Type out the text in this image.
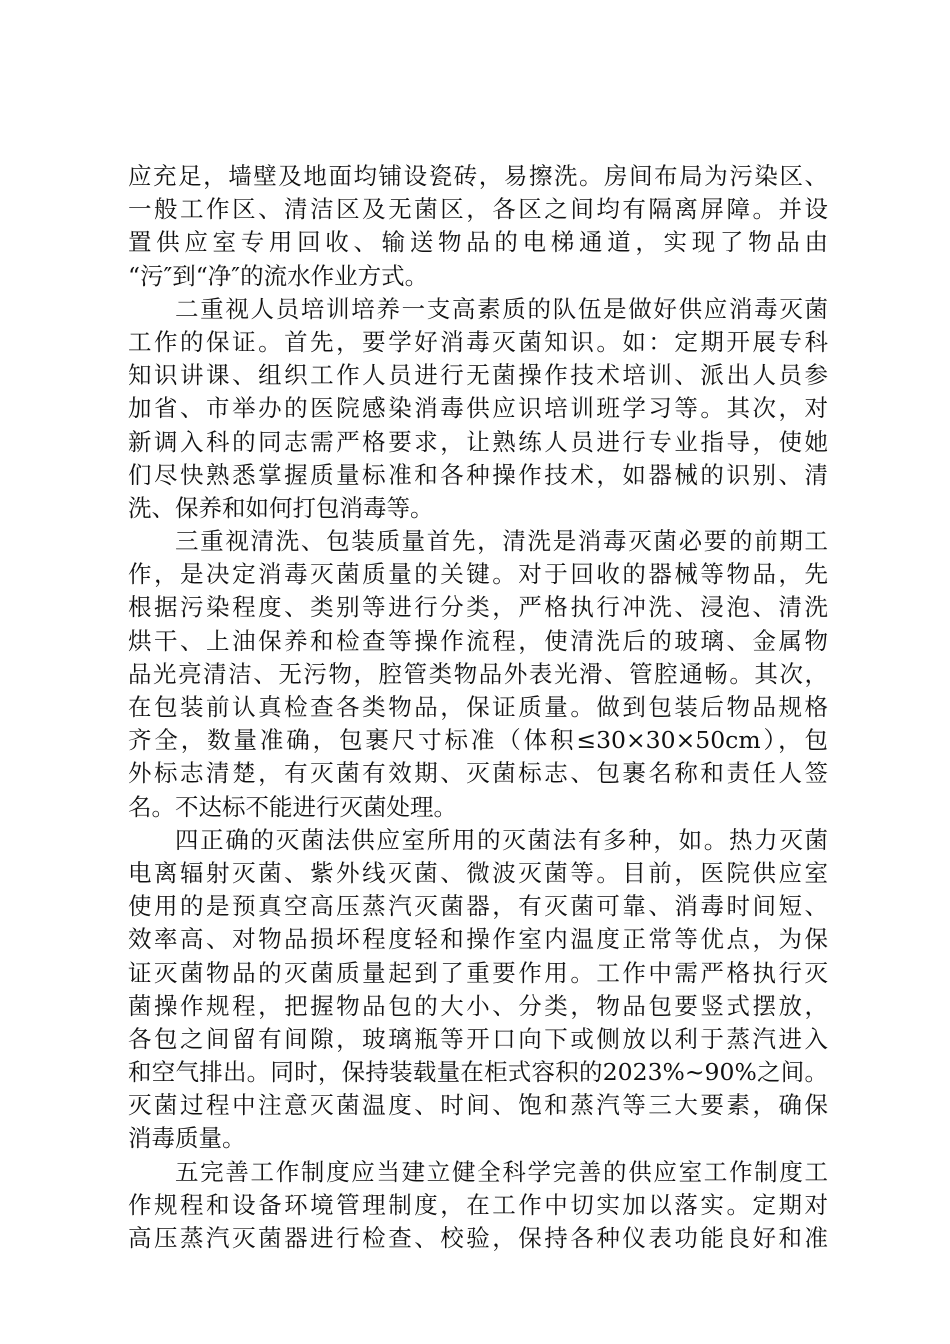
应充足，墙壁及地面均铺设瓷砖，易擦洗。房间布局为污染区、
一般工作区、清洁区及无菌区，各区之间均有隔离屏障。并设
置供应室专用回收、输送物品的电梯通道，实现了物品由
“污″到“净″的流水作业方式。
二重视人员培训培养一支高素质的队伍是做好供应消毒灭菌
工作的保证。首先，要学好消毒灭菌知识。如：定期开展专科
知识讲课、组织工作人员进行无菌操作技术培训、派出人员参
加省、市举办的医院感染消毒供应识培训班学习等。其次，对
新调入科的同志需严格要求，让熟练人员进行专业指导，使她
们尽快熟悉掌握质量标准和各种操作技术，如器械的识别、清
洗、保养和如何打包消毒等。
三重视清洗、包装质量首先，清洗是消毒灭菌必要的前期工
作，是决定消毒灭菌质量的关键。对于回收的器械等物品，先
根据污染程度、类别等进行分类，严格执行冲洗、浸泡、清洗
烘干、上油保养和检查等操作流程，使清洗后的玻璃、金属物
品光亮清洁、无污物，腔管类物品外表光滑、管腔通畅。其次，
在包装前认真检查各类物品，保证质量。做到包装后物品规格
齐全，数量准确，包裹尺寸标准（体积≤30×30×50cm），包
外标志清楚，有灭菌有效期、灭菌标志、包裹名称和责任人签
名。不达标不能进行灭菌处理。
四正确的灭菌法供应室所用的灭菌法有多种，如。热力灭菌
电离辐射灭菌、紫外线灭菌、微波灭菌等。目前，医院供应室
使用的是预真空高压蒸汽灭菌器，有灭菌可靠、消毒时间短、
效率高、对物品损坏程度轻和操作室内温度正常等优点，为保
证灭菌物品的灭菌质量起到了重要作用。工作中需严格执行灭
菌操作规程，把握物品包的大小、分类，物品包要竖式摆放，
各包之间留有间隙，玻璃瓶等开口向下或侧放以利于蒸汽进入
和空气排出。同时，保持装载量在柜式容积的2023%~90%之间。
灭菌过程中注意灭菌温度、时间、饱和蒸汽等三大要素，确保
消毒质量。
五完善工作制度应当建立健全科学完善的供应室工作制度工
作规程和设备环境管理制度，在工作中切实加以落实。定期对
高压蒸汽灭菌器进行检查、校验，保持各种仪表功能良好和准
